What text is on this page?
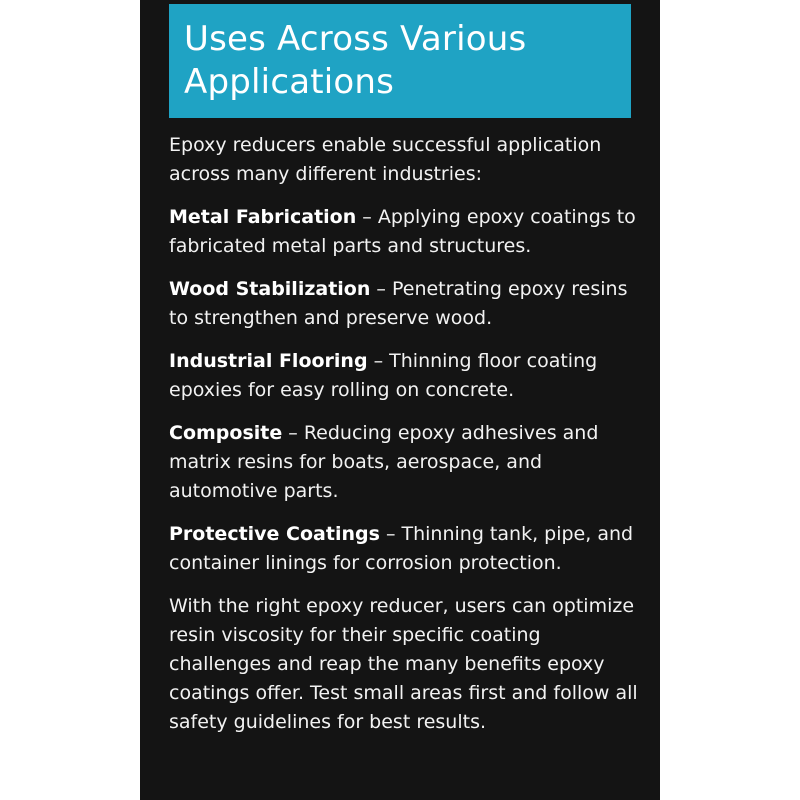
Uses Across Various Applications

Epoxy reducers enable successful application across many different industries:

Metal Fabrication – Applying epoxy coatings to fabricated metal parts and structures.

Wood Stabilization – Penetrating epoxy resins to strengthen and preserve wood.

Industrial Flooring – Thinning floor coating epoxies for easy rolling on concrete.

Composite – Reducing epoxy adhesives and matrix resins for boats, aerospace, and automotive parts.

Protective Coatings – Thinning tank, pipe, and container linings for corrosion protection.

With the right epoxy reducer, users can optimize resin viscosity for their specific coating challenges and reap the many benefits epoxy coatings offer. Test small areas first and follow all safety guidelines for best results.
